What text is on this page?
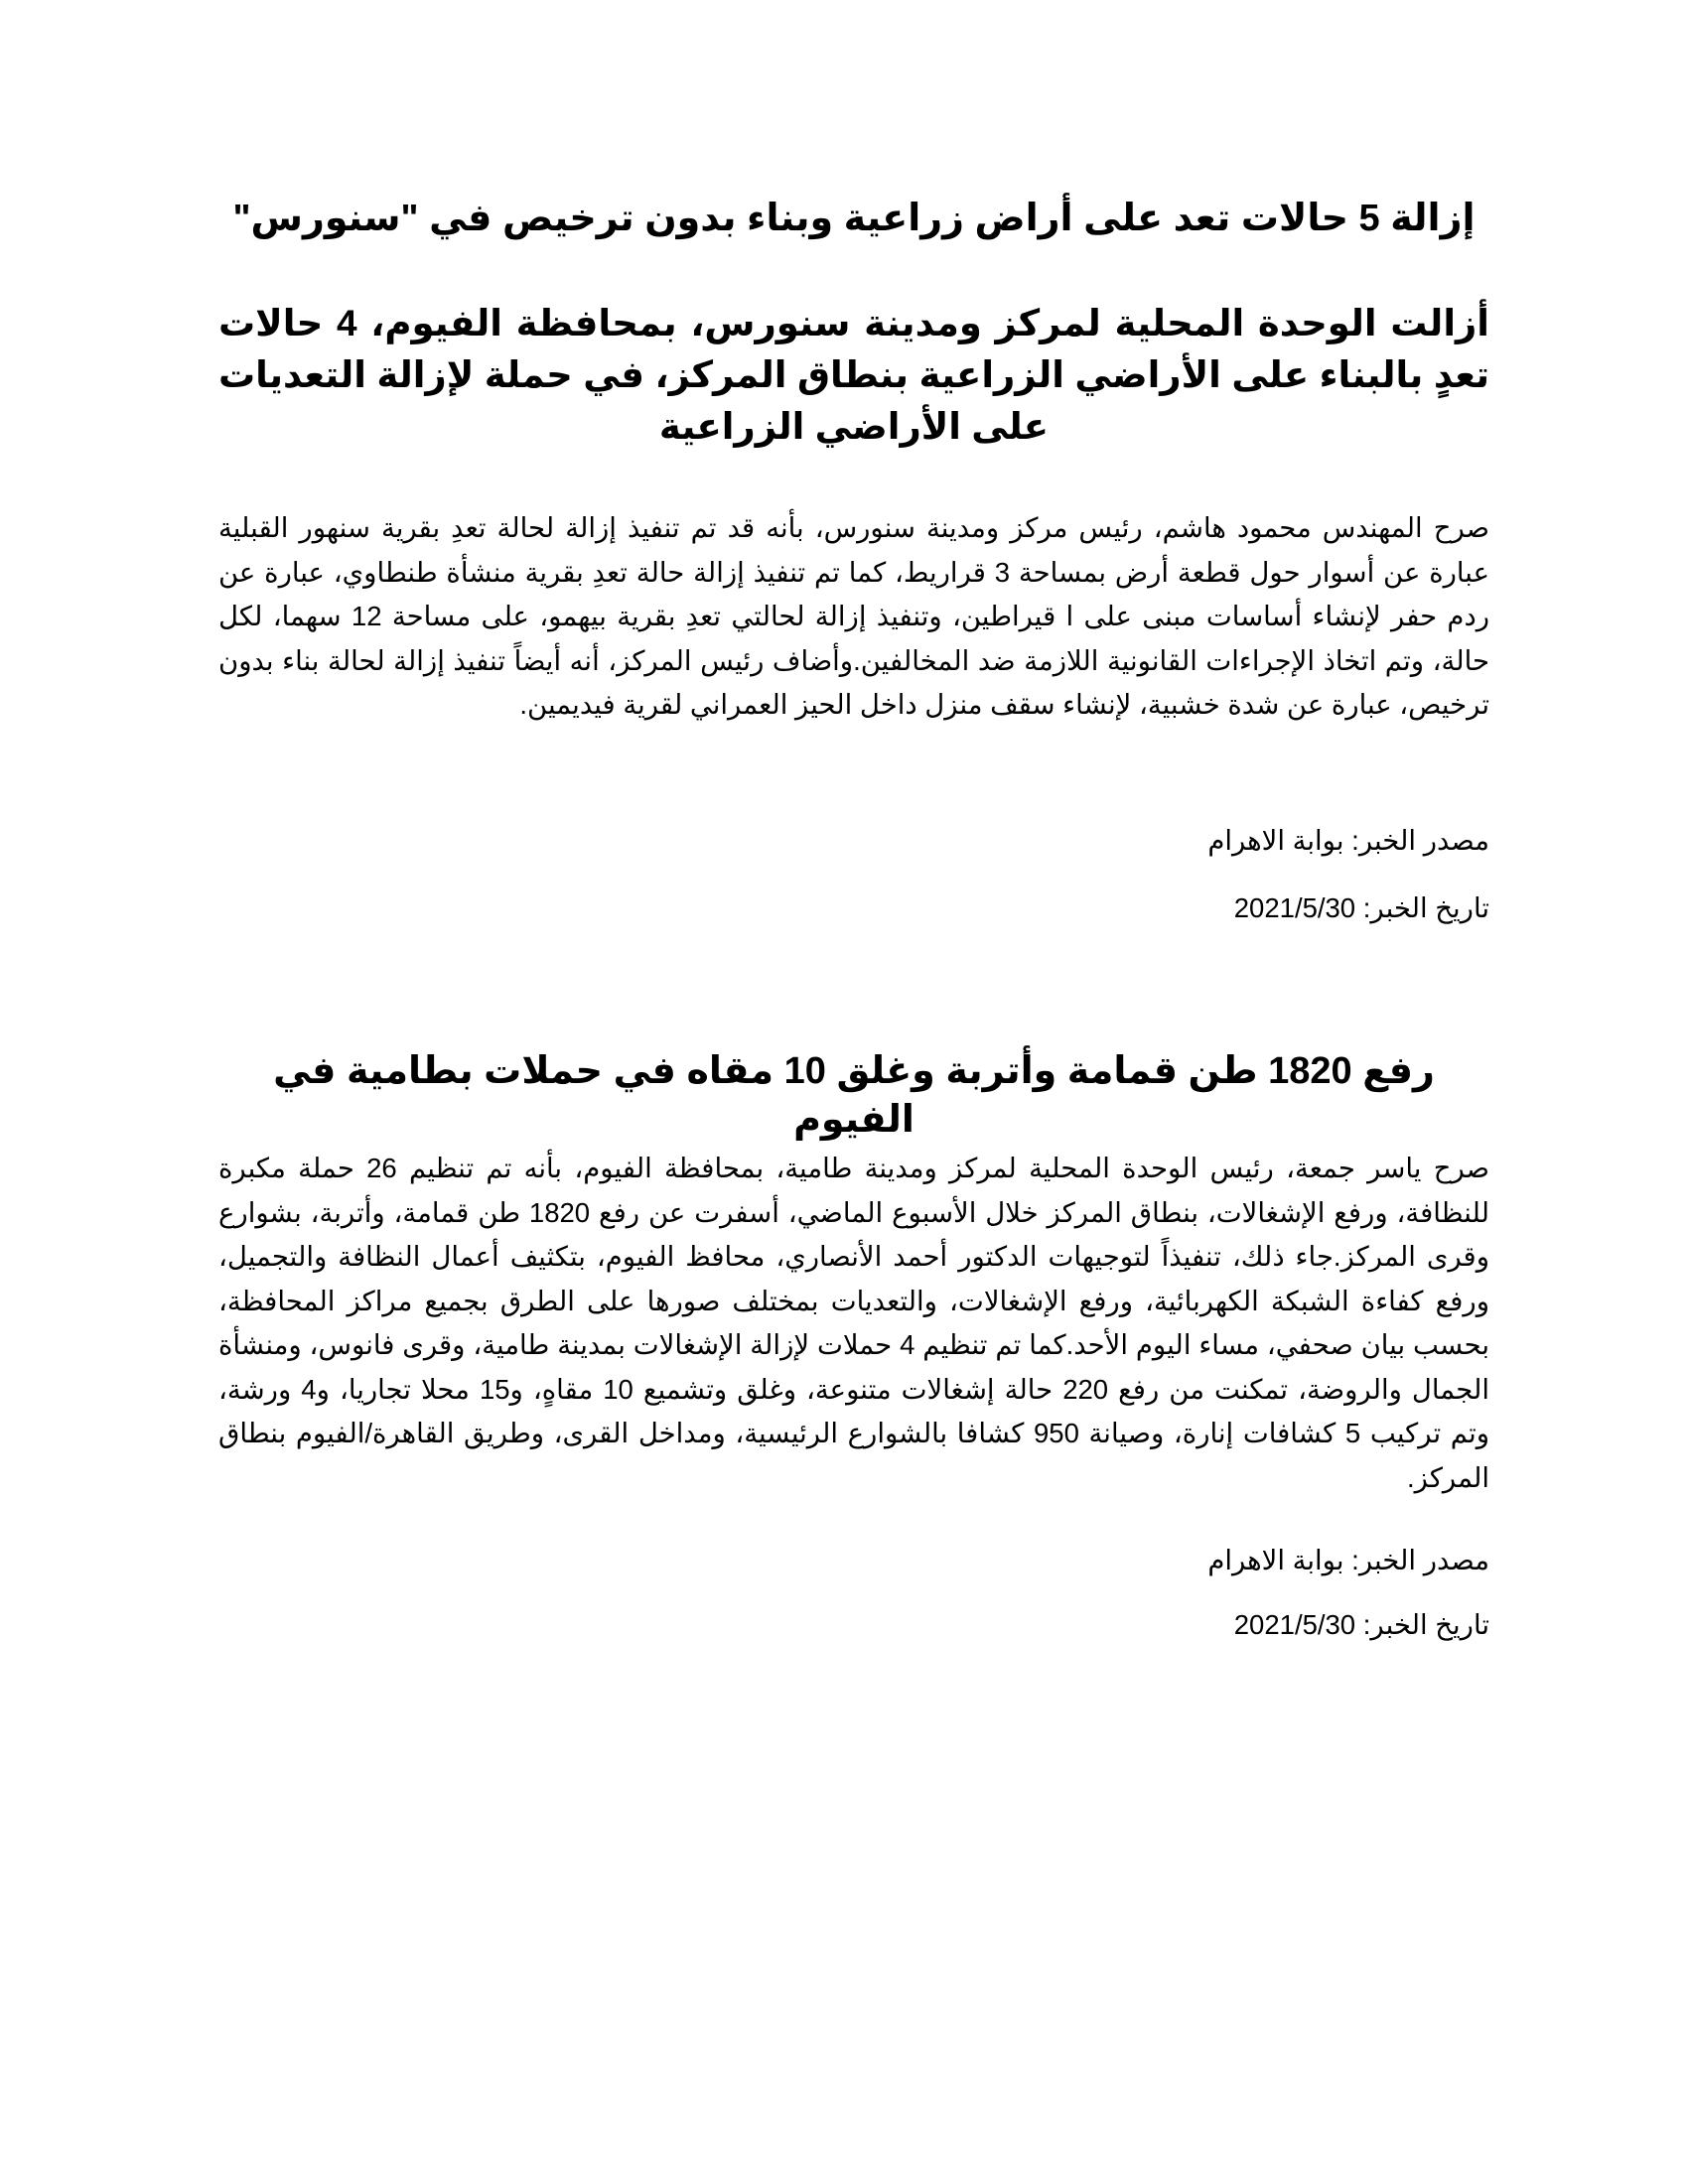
إزالة 5 حالات تعد على أراض زراعية وبناء بدون ترخيص في "سنورس"
أزالت الوحدة المحلية لمركز ومدينة سنورس، بمحافظة الفيوم، 4 حالات تعدٍ بالبناء على الأراضي الزراعية بنطاق المركز، في حملة لإزالة التعديات على الأراضي الزراعية

صرح المهندس محمود هاشم، رئيس مركز ومدينة سنورس، بأنه قد تم تنفيذ إزالة لحالة تعدِ بقرية سنهور القبلية عبارة عن أسوار حول قطعة أرض بمساحة 3 قراريط، كما تم تنفيذ إزالة حالة تعدِ بقرية منشأة طنطاوي، عبارة عن ردم حفر لإنشاء أساسات مبنى على ا قيراطين، وتنفيذ إزالة لحالتي تعدِ بقرية بيهمو، على مساحة 12 سهما، لكل حالة، وتم اتخاذ الإجراءات القانونية اللازمة ضد المخالفين.وأضاف رئيس المركز، أنه أيضاً تنفيذ إزالة لحالة بناء بدون ترخيص، عبارة عن شدة خشبية، لإنشاء سقف منزل داخل الحيز العمراني لقرية فيديمين.

مصدر الخبر: بوابة الاهرام

تاريخ الخبر: 2021/5/30

رفع 1820 طن قمامة وأتربة وغلق 10 مقاه في حملات بطامية في الفيوم

صرح ياسر جمعة، رئيس الوحدة المحلية لمركز ومدينة طامية، بمحافظة الفيوم، بأنه تم تنظيم 26 حملة مكبرة للنظافة، ورفع الإشغالات، بنطاق المركز خلال الأسبوع الماضي، أسفرت عن رفع 1820 طن قمامة، وأتربة، بشوارع وقرى المركز.جاء ذلك، تنفيذاً لتوجيهات الدكتور أحمد الأنصاري، محافظ الفيوم، بتكثيف أعمال النظافة والتجميل، ورفع كفاءة الشبكة الكهربائية، ورفع الإشغالات، والتعديات بمختلف صورها على الطرق بجميع مراكز المحافظة، بحسب بيان صحفي، مساء اليوم الأحد.كما تم تنظيم 4 حملات لإزالة الإشغالات بمدينة طامية، وقرى فانوس، ومنشأة الجمال والروضة، تمكنت من رفع 220 حالة إشغالات متنوعة، وغلق وتشميع 10 مقاهٍ، و15 محلا تجاريا، و4 ورشة، وتم تركيب 5 كشافات إنارة، وصيانة 950 كشافا بالشوارع الرئيسية، ومداخل القرى، وطريق القاهرة/الفيوم بنطاق المركز.

مصدر الخبر: بوابة الاهرام

تاريخ الخبر: 2021/5/30
